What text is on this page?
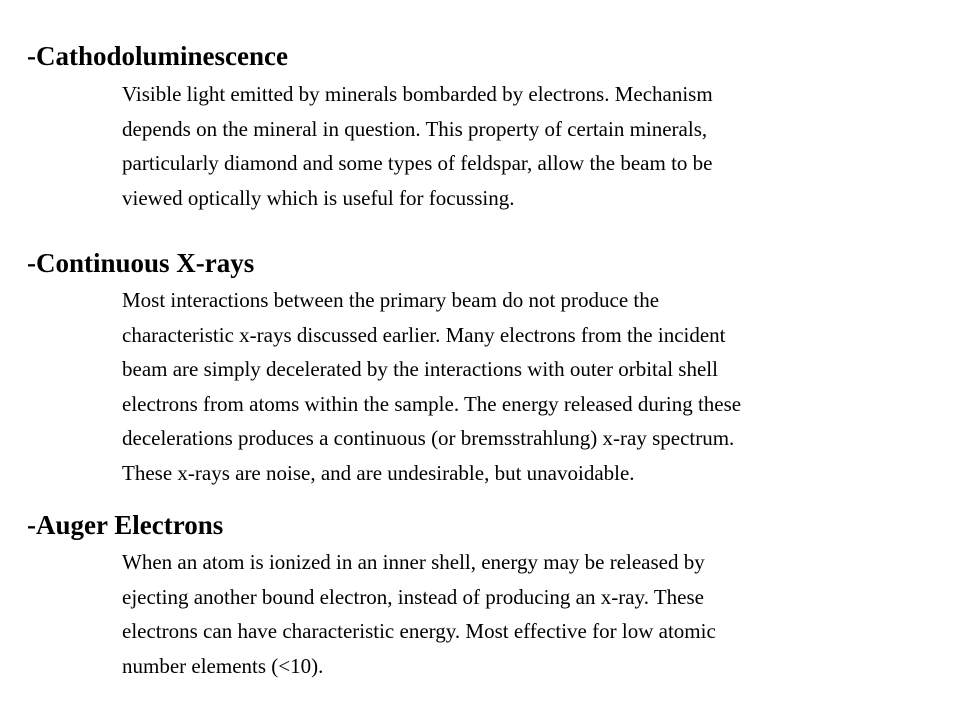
-Cathodoluminescence

Visible light emitted by minerals bombarded by electrons. Mechanism
depends on the mineral in question. This property of certain minerals,
particularly diamond and some types of feldspar, allow the beam to be
viewed optically which is useful for focussing.

-Continuous X-rays

Most interactions between the primary beam do not produce the
characteristic x-rays discussed earlier. Many electrons from the incident
beam are simply decelerated by the interactions with outer orbital shell
electrons from atoms within the sample. The energy released during these
decelerations produces a continuous (or bremsstrahlung) x-ray spectrum.
These x-rays are noise, and are undesirable, but unavoidable.

-Auger Electrons

When an atom is ionized in an inner shell, energy may be released by
ejecting another bound electron, instead of producing an x-ray. These
electrons can have characteristic energy. Most effective for low atomic
number elements (<10).
